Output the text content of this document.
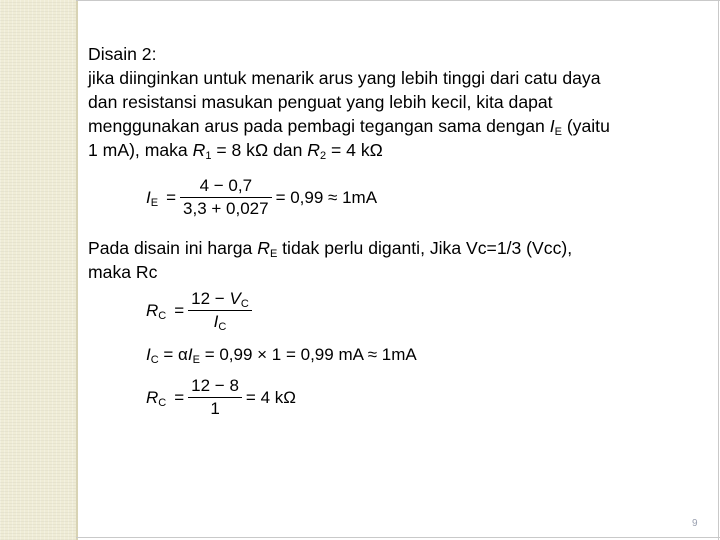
Disain 2:

jika diinginkan untuk menarik arus yang lebih tinggi dari catu daya

dan resistansi masukan penguat yang lebih kecil, kita dapat

menggunakan arus pada pembagi tegangan sama dengan $I_E$ (yaitu

1 mA), maka $R_1 = 8$ kΩ dan $R_2 = 4$ kΩ

$I_E = \frac{4 - 0,7}{3,3 + 0,027} = 0,99 \approx 1mA$

Pada disain ini harga $R_E$ tidak perlu diganti, Jika Vc=1/3 (Vcc),

maka Rc

$R_C = \frac{12 - V_C}{I_C}$
$I_C = \alpha$ $I_E = 0,99 \times 1 = 0,99$ mA ≈ 1mA
$R_C = \frac{12 - 8}{1} = 4$ kΩ
9
